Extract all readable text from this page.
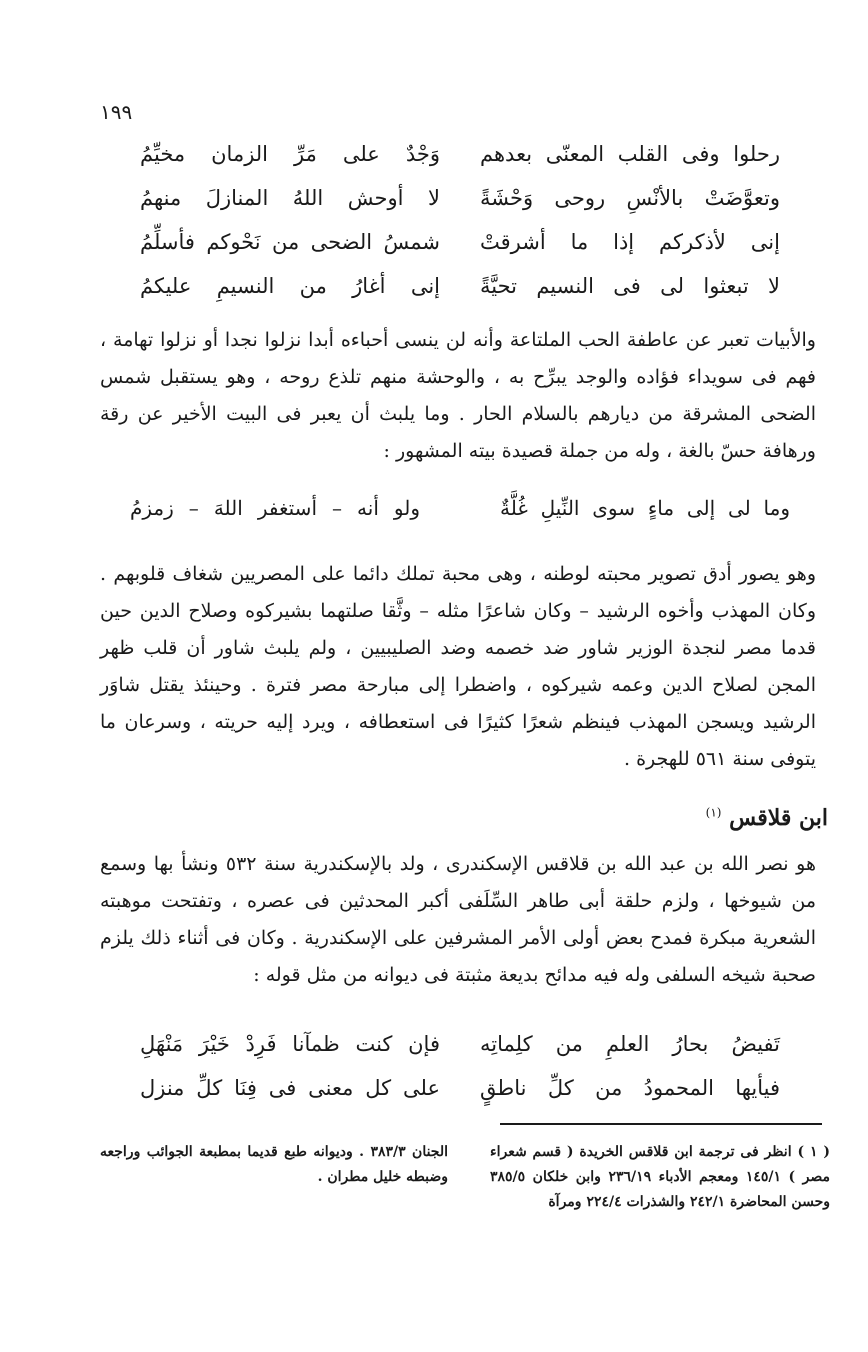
١٩٩
رحلوا وفى القلب المعنّى بعدهم
وَجْدٌ على مَرِّ الزمان مخيِّمُ
وتعوَّضَتْ بالأنْسِ روحى وَحْشَةً
لا أوحش اللهُ المنازلَ منهمُ
إنى لأذكركم إذا ما أشرقتْ
شمسُ الضحى من نَحْوكم فأسلِّمُ
لا تبعثوا لى فى النسيم تحيَّةً
إنى أغارُ من النسيمِ عليكمُ

والأبيات تعبر عن عاطفة الحب الملتاعة وأنه لن ينسى أحباءه أبدا نزلوا نجدا أو نزلوا تهامة ، فهم فى سويداء فؤاده والوجد يبرِّح به ، والوحشة منهم تلذع روحه ، وهو يستقبل شمس الضحى المشرقة من ديارهم بالسلام الحار . وما يلبث أن يعبر فى البيت الأخير عن رقة ورهافة حسّ بالغة ، وله من جملة قصيدة بيته المشهور :

وما لى إلى ماءٍ سوى النِّيلِ غُلَّةٌ
ولو أنه – أستغفر اللهَ – زمزمُ

وهو يصور أدق تصوير محبته لوطنه ، وهى محبة تملك دائما على المصريين شغاف قلوبهم . وكان المهذب وأخوه الرشيد – وكان شاعرًا مثله – وثَّقا صلتهما بشيركوه وصلاح الدين حين قدما مصر لنجدة الوزير شاور ضد خصمه وضد الصليبيين ، ولم يلبث شاور أن قلب ظهر المجن لصلاح الدين وعمه شيركوه ، واضطرا إلى مبارحة مصر فترة . وحينئذ يقتل شاوَر الرشيد ويسجن المهذب فينظم شعرًا كثيرًا فى استعطافه ، ويرد إليه حريته ، وسرعان ما يتوفى سنة ٥٦١ للهجرة .

ابن قلاقس $^{(١)}$

هو نصر الله بن عبد الله بن قلاقس الإسكندرى ، ولد بالإسكندرية سنة ٥٣٢ ونشأ بها وسمع من شيوخها ، ولزم حلقة أبى طاهر السِّلَفى أكبر المحدثين فى عصره ، وتفتحت موهبته الشعرية مبكرة فمدح بعض أولى الأمر المشرفين على الإسكندرية . وكان فى أثناء ذلك يلزم صحبة شيخه السلفى وله فيه مدائح بديعة مثبتة فى ديوانه من مثل قوله :

تَفيضُ بحارُ العلمِ من كلِماتِه
فإن كنت ظمآنا فَرِدْ خَيْرَ مَنْهَلِ
فيأيها المحمودُ من كلِّ ناطقٍ
على كل معنى فى فِنَا كلِّ منزل
( ١ ) انظر فى ترجمة ابن قلاقس الخريدة ( قسم شعراء مصر ) ١٤٥/١ ومعجم الأدباء ٢٣٦/١٩ وابن خلكان ٣٨٥/٥ وحسن المحاضرة ٢٤٢/١ والشذرات ٢٢٤/٤ ومرآة
الجنان ٣٨٣/٣ . وديوانه طبع قديما بمطبعة الجوائب وراجعه وضبطه خليل مطران .
